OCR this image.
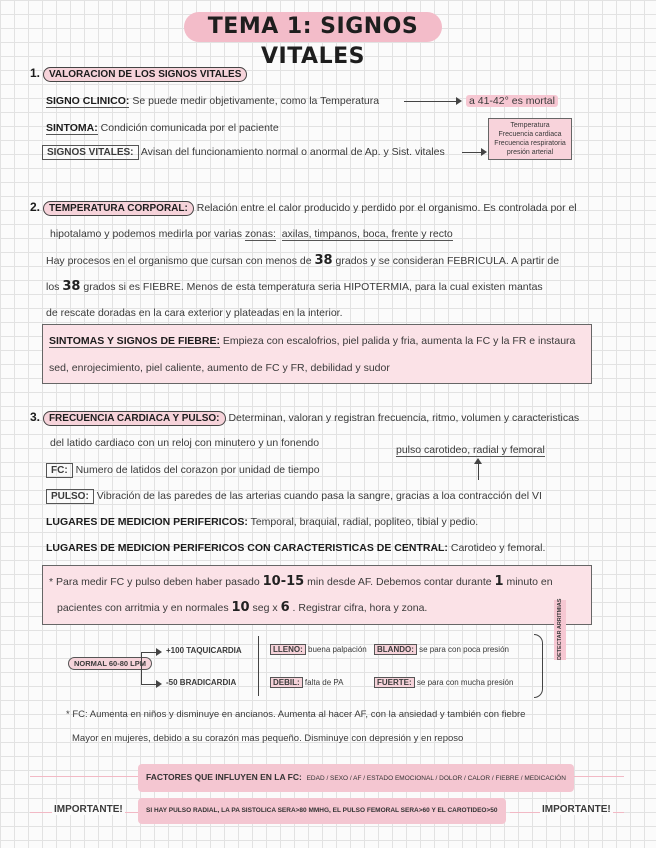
TEMA 1: SIGNOS VITALES
1. VALORACION DE LOS SIGNOS VITALES
SIGNO CLINICO: Se puede medir objetivamente, como la Temperatura	a 41-42° es mortal
SINTOMA: Condición comunicada por el paciente
SIGNOS VITALES: Avisan del funcionamiento normal o anormal de Ap. y Sist. vitales
Temperatura
Frecuencia cardiaca
Frecuencia respiratoria
presión arterial
2. TEMPERATURA CORPORAL: Relación entre el calor producido y perdido por el organismo. Es controlada por el
hipotalamo y podemos medirla por varias zonas: axilas, timpanos, boca, frente y recto
Hay procesos en el organismo que cursan con menos de 38 grados y se consideran FEBRICULA. A partir de
los 38 grados si es FIEBRE. Menos de esta temperatura seria HIPOTERMIA, para la cual existen mantas
de rescate doradas en la cara exterior y plateadas en la interior.
SINTOMAS Y SIGNOS DE FIEBRE: Empieza con escalofrios, piel palida y fria, aumenta la FC y la FR e instaura
sed, enrojecimiento, piel caliente, aumento de FC y FR, debilidad y sudor
3. FRECUENCIA CARDIACA Y PULSO: Determinan, valoran y registran frecuencia, ritmo, volumen y caracteristicas
del latido cardiaco con un reloj con minutero y un fonendo
pulso carotideo, radial y femoral
FC: Numero de latidos del corazon por unidad de tiempo
PULSO: Vibración de las paredes de las arterias cuando pasa la sangre, gracias a loa contracción del VI
LUGARES DE MEDICION PERIFERICOS: Temporal, braquial, radial, popliteo, tibial y pedio.
LUGARES DE MEDICION PERIFERICOS CON CARACTERISTICAS DE CENTRAL: Carotideo y femoral.
* Para medir FC y pulso deben haber pasado 10-15 min desde AF. Debemos contar durante 1 minuto en
pacientes con arritmia y en normales 10 seg x 6 . Registrar cifra, hora y zona.
NORMAL 60-80 LPM
+100 TAQUICARDIA
-50 BRADICARDIA
LLENO: buena palpación	BLANDO: se para con poca presión
DEBIL: falta de PA	FUERTE: se para con mucha presión
DETECTAR ARRITMIAS
* FC: Aumenta en niños y disminuye en ancianos. Aumenta al hacer AF, con la ansiedad y también con fiebre
Mayor en mujeres, debido a su corazón mas pequeño. Disminuye con depresión y en reposo
FACTORES QUE INFLUYEN EN LA FC: EDAD / SEXO / AF / ESTADO EMOCIONAL / DOLOR / CALOR / FIEBRE / MEDICACIÓN
IMPORTANTE!	IMPORTANTE!
SI HAY PULSO RADIAL, LA PA SISTOLICA SERA>80 MMHG, EL PULSO FEMORAL SERA>60 Y EL CAROTIDEO>50
